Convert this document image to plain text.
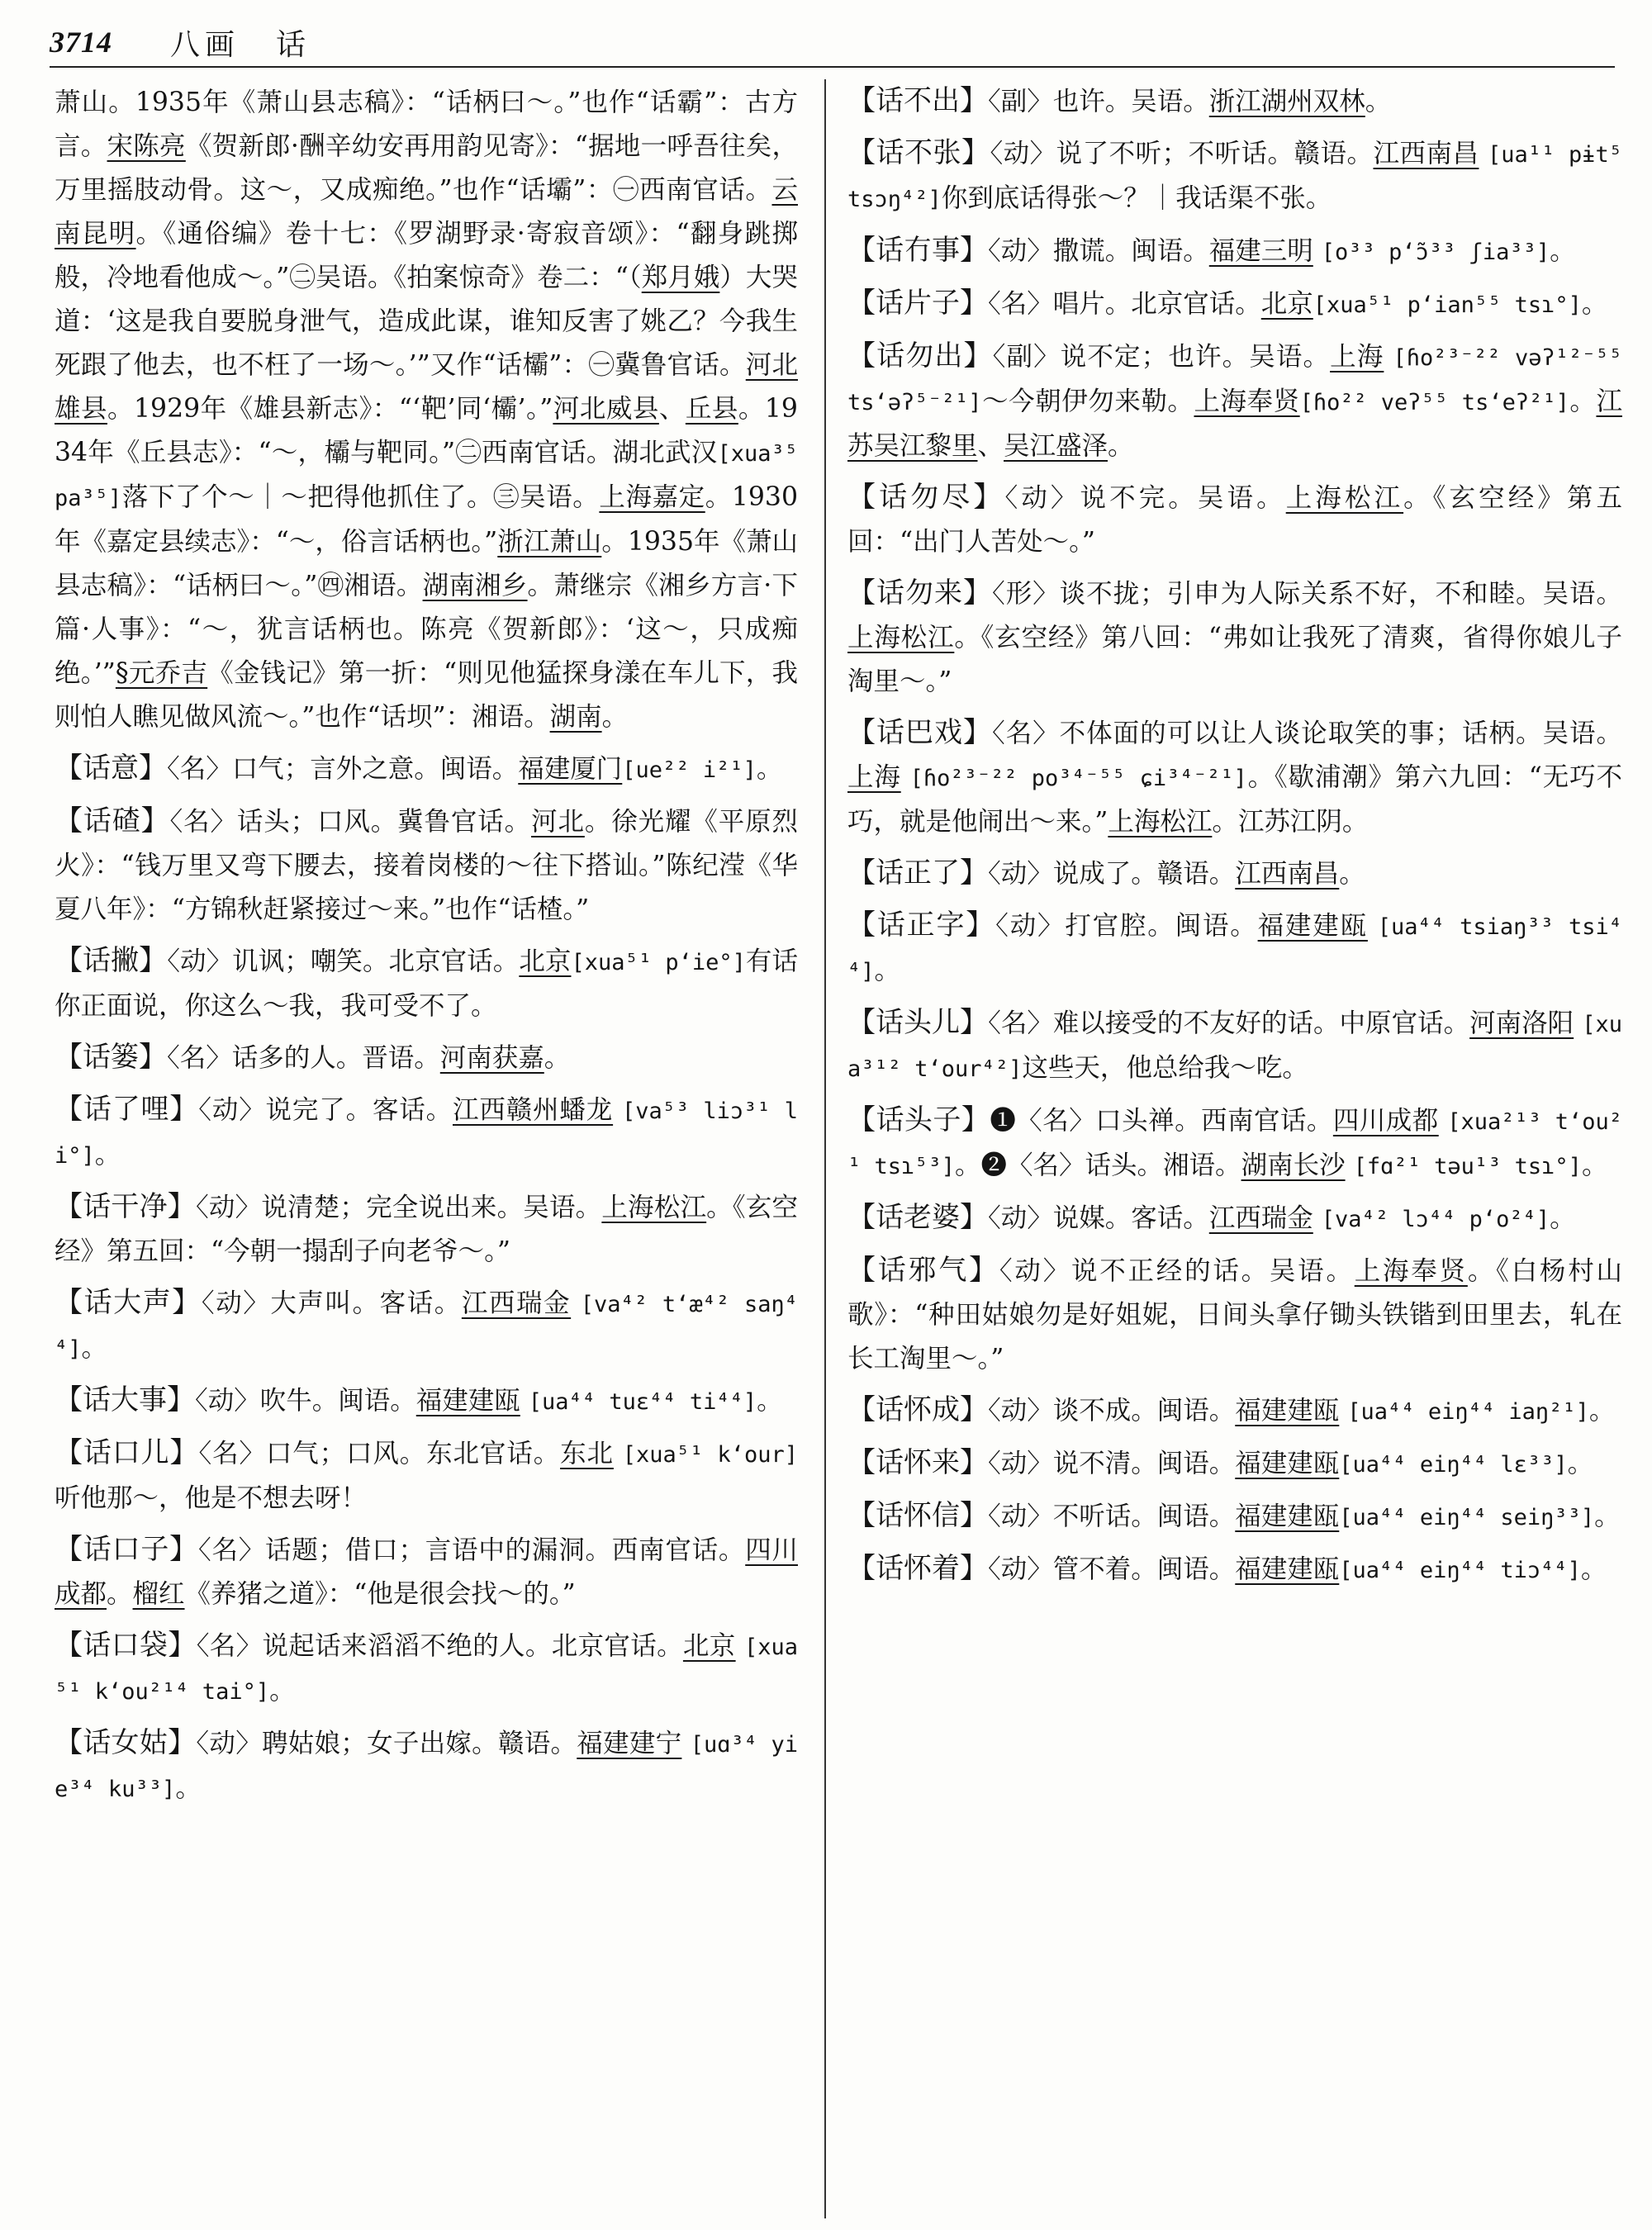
3714 八画 话

萧山。1935年《萧山县志稿》：“话柄曰～。”也作“话霸”：古方言。宋陈亮《贺新郎·酬辛幼安再用韵见寄》：“据地一呼吾往矣，万里摇肢动骨。这～，又成痴绝。”也作“话壩”：㊀西南官话。云南昆明。《通俗编》卷十七：《罗湖野录·寄寂音颂》：“翻身跳掷般，冷地看他成～。”㊁吴语。《拍案惊奇》卷二：“（郑月娥）大哭道：‘这是我自要脱身泄气，造成此谋，谁知反害了姚乙？今我生死跟了他去，也不枉了一场～。’”又作“话欛”：㊀冀鲁官话。河北雄县。1929年《雄县新志》：“‘靶’同‘欛’。”河北威县、丘县。1934年《丘县志》：“～，欛与靶同。”㊁西南官话。湖北武汉[xua³⁵ pa³⁵]落下了个～｜～把得他抓住了。㊂吴语。上海嘉定。1930年《嘉定县续志》：“～，俗言话柄也。”浙江萧山。1935年《萧山县志稿》：“话柄曰～。”㊃湘语。湖南湘乡。萧继宗《湘乡方言·下篇·人事》：“～，犹言话柄也。陈亮《贺新郎》：‘这～，只成痴绝。’”§元乔吉《金钱记》第一折：“则见他猛探身漾在车儿下，我则怕人瞧见做风流～。”也作“话坝”：湘语。湖南。

【话意】〈名〉口气；言外之意。闽语。福建厦门[ue²² i²¹]。

【话碴】〈名〉话头；口风。冀鲁官话。河北。徐光耀《平原烈火》：“钱万里又弯下腰去，接着岗楼的～往下搭讪。”陈纪滢《华夏八年》：“方锦秋赶紧接过～来。”也作“话楂。”

【话撇】〈动〉讥讽；嘲笑。北京官话。北京[xua⁵¹ p‘ie°]有话你正面说，你这么～我，我可受不了。

【话篓】〈名〉话多的人。晋语。河南获嘉。

【话了哩】〈动〉说完了。客话。江西赣州蟠龙 [va⁵³ liɔ³¹ li°]。

【话干净】〈动〉说清楚；完全说出来。吴语。上海松江。《玄空经》第五回：“今朝一搨刮子向老爷～。”

【话大声】〈动〉大声叫。客话。江西瑞金 [va⁴² t‘æ⁴² saŋ⁴⁴]。

【话大事】〈动〉吹牛。闽语。福建建瓯 [ua⁴⁴ tuɛ⁴⁴ ti⁴⁴]。

【话口儿】〈名〉口气；口风。东北官话。东北 [xua⁵¹ k‘our]听他那～，他是不想去呀！

【话口子】〈名〉话题；借口；言语中的漏洞。西南官话。四川成都。榴红《养猪之道》：“他是很会找～的。”

【话口袋】〈名〉说起话来滔滔不绝的人。北京官话。北京 [xua⁵¹ k‘ou²¹⁴ tai°]。

【话女姑】〈动〉聘姑娘；女子出嫁。赣语。福建建宁 [uɑ³⁴ yie³⁴ ku³³]。

【话不出】〈副〉也许。吴语。浙江湖州双林。

【话不张】〈动〉说了不听；不听话。赣语。江西南昌 [ua¹¹ pɨt⁵ tsɔŋ⁴²]你到底话得张～？｜我话渠不张。

【话冇事】〈动〉撒谎。闽语。福建三明 [o³³ p‘ɔ̃³³ ʃia³³]。

【话片子】〈名〉唱片。北京官话。北京[xua⁵¹ p‘ian⁵⁵ tsɿ°]。

【话勿出】〈副〉说不定；也许。吴语。上海 [ɦo²³⁻²² vəʔ¹²⁻⁵⁵ ts‘əʔ⁵⁻²¹]～今朝伊勿来勒。上海奉贤[ɦo²² veʔ⁵⁵ ts‘eʔ²¹]。江苏吴江黎里、吴江盛泽。

【话勿尽】〈动〉说不完。吴语。上海松江。《玄空经》第五回：“出门人苦处～。”

【话勿来】〈形〉谈不拢；引申为人际关系不好，不和睦。吴语。上海松江。《玄空经》第八回：“弗如让我死了清爽，省得你娘儿子淘里～。”

【话巴戏】〈名〉不体面的可以让人谈论取笑的事；话柄。吴语。上海 [ɦo²³⁻²² po³⁴⁻⁵⁵ ɕi³⁴⁻²¹]。《歇浦潮》第六九回：“无巧不巧，就是他闹出～来。”上海松江。江苏江阴。

【话正了】〈动〉说成了。赣语。江西南昌。

【话正字】〈动〉打官腔。闽语。福建建瓯 [ua⁴⁴ tsiaŋ³³ tsi⁴⁴]。

【话头儿】〈名〉难以接受的不友好的话。中原官话。河南洛阳 [xua³¹² t‘our⁴²]这些天，他总给我～吃。

【话头子】❶〈名〉口头禅。西南官话。四川成都 [xua²¹³ t‘ou²¹ tsɿ⁵³]。❷〈名〉话头。湘语。湖南长沙 [fɑ²¹ təu¹³ tsɿ°]。

【话老婆】〈动〉说媒。客话。江西瑞金 [va⁴² lɔ⁴⁴ p‘o²⁴]。

【话邪气】〈动〉说不正经的话。吴语。上海奉贤。《白杨村山歌》：“种田姑娘勿是好姐妮，日间头拿仔锄头铁锴到田里去，轧在长工淘里～。”

【话怀成】〈动〉谈不成。闽语。福建建瓯 [ua⁴⁴ eiŋ⁴⁴ iaŋ²¹]。

【话怀来】〈动〉说不清。闽语。福建建瓯[ua⁴⁴ eiŋ⁴⁴ lɛ³³]。

【话怀信】〈动〉不听话。闽语。福建建瓯[ua⁴⁴ eiŋ⁴⁴ seiŋ³³]。

【话怀着】〈动〉管不着。闽语。福建建瓯[ua⁴⁴ eiŋ⁴⁴ tiɔ⁴⁴]。
